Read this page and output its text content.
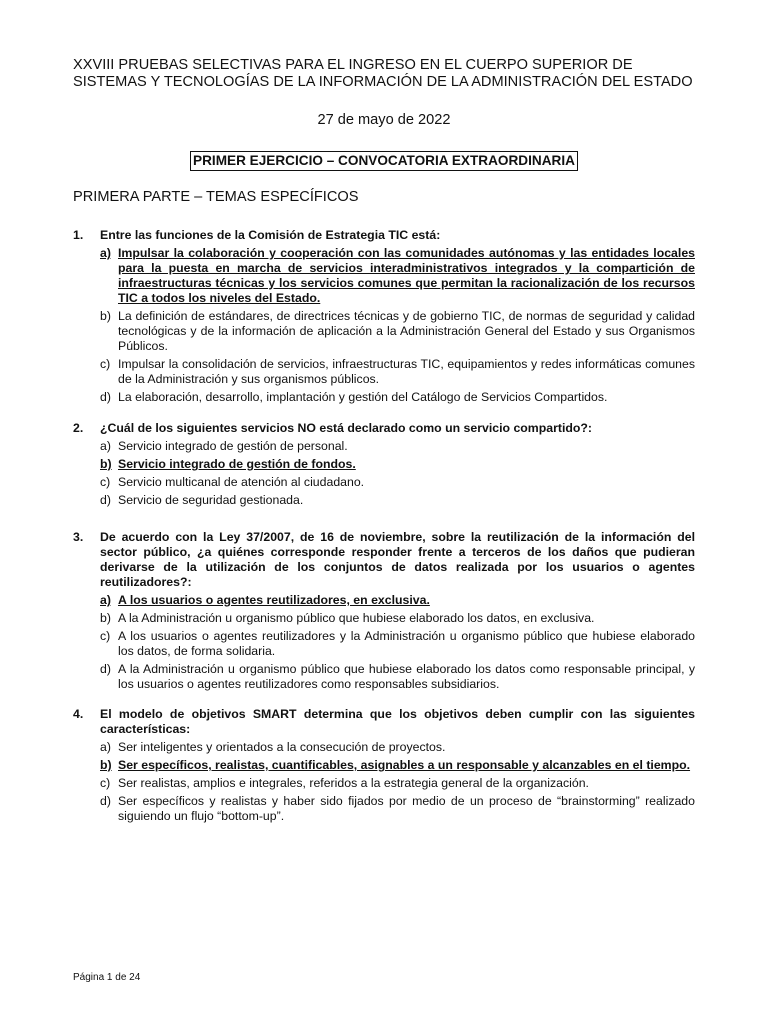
XXVIII PRUEBAS SELECTIVAS PARA EL INGRESO EN EL CUERPO SUPERIOR DE SISTEMAS Y TECNOLOGÍAS DE LA INFORMACIÓN DE LA ADMINISTRACIÓN DEL ESTADO
27 de mayo de 2022
PRIMER EJERCICIO – CONVOCATORIA EXTRAORDINARIA
PRIMERA PARTE – TEMAS ESPECÍFICOS
1.	Entre las funciones de la Comisión de Estrategia TIC está:
a) Impulsar la colaboración y cooperación con las comunidades autónomas y las entidades locales para la puesta en marcha de servicios interadministrativos integrados y la compartición de infraestructuras técnicas y los servicios comunes que permitan la racionalización de los recursos TIC a todos los niveles del Estado.
b) La definición de estándares, de directrices técnicas y de gobierno TIC, de normas de seguridad y calidad tecnológicas y de la información de aplicación a la Administración General del Estado y sus Organismos Públicos.
c) Impulsar la consolidación de servicios, infraestructuras TIC, equipamientos y redes informáticas comunes de la Administración y sus organismos públicos.
d) La elaboración, desarrollo, implantación y gestión del Catálogo de Servicios Compartidos.
2.	¿Cuál de los siguientes servicios NO está declarado como un servicio compartido?:
a) Servicio integrado de gestión de personal.
b) Servicio integrado de gestión de fondos.
c) Servicio multicanal de atención al ciudadano.
d) Servicio de seguridad gestionada.
3.	De acuerdo con la Ley 37/2007, de 16 de noviembre, sobre la reutilización de la información del sector público, ¿a quiénes corresponde responder frente a terceros de los daños que pudieran derivarse de la utilización de los conjuntos de datos realizada por los usuarios o agentes reutilizadores?:
a) A los usuarios o agentes reutilizadores, en exclusiva.
b) A la Administración u organismo público que hubiese elaborado los datos, en exclusiva.
c) A los usuarios o agentes reutilizadores y la Administración u organismo público que hubiese elaborado los datos, de forma solidaria.
d) A la Administración u organismo público que hubiese elaborado los datos como responsable principal, y los usuarios o agentes reutilizadores como responsables subsidiarios.
4.	El modelo de objetivos SMART determina que los objetivos deben cumplir con las siguientes características:
a) Ser inteligentes y orientados a la consecución de proyectos.
b) Ser específicos, realistas, cuantificables, asignables a un responsable y alcanzables en el tiempo.
c) Ser realistas, amplios e integrales, referidos a la estrategia general de la organización.
d) Ser específicos y realistas y haber sido fijados por medio de un proceso de “brainstorming” realizado siguiendo un flujo “bottom-up”.
Página 1 de 24
